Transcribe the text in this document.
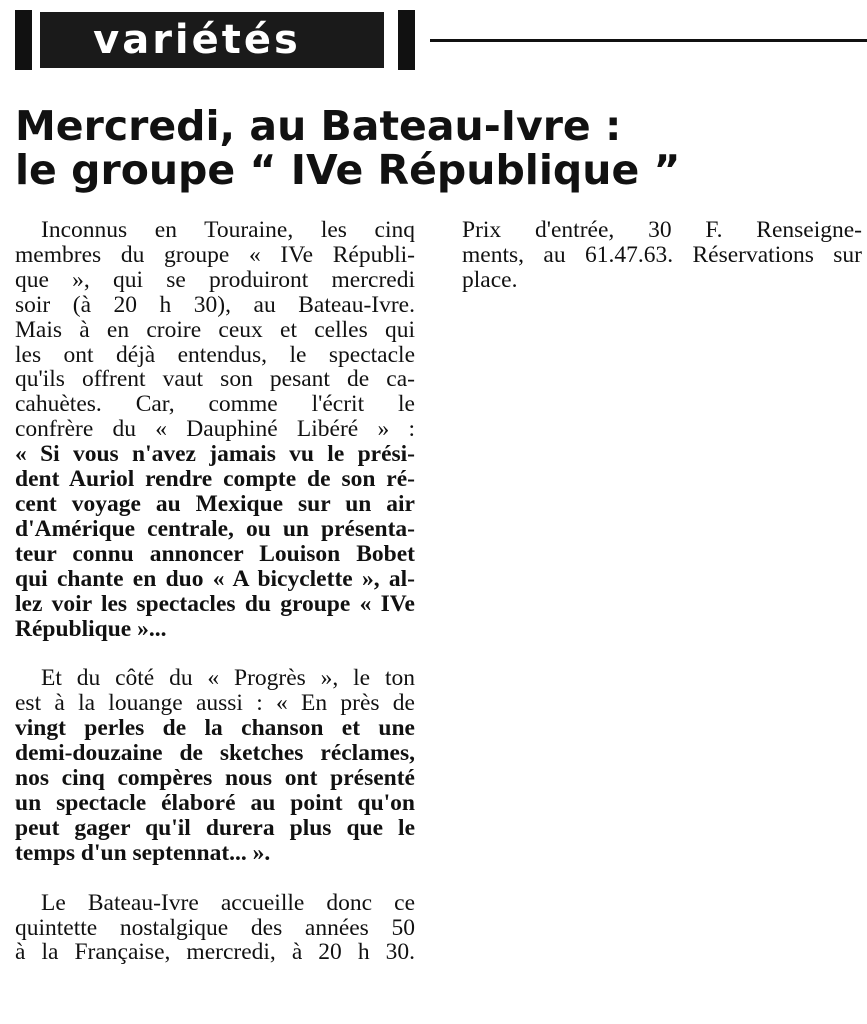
variétés
Mercredi, au Bateau-Ivre :
le groupe “ IVe République ”
Inconnus en Touraine, les cinq
membres du groupe « IVe Républi-
que », qui se produiront mercredi
soir (à 20 h 30), au Bateau-Ivre.
Mais à en croire ceux et celles qui
les ont déjà entendus, le spectacle
qu'ils offrent vaut son pesant de ca-
cahuètes. Car, comme l'écrit le
confrère du « Dauphiné Libéré » :
« Si vous n'avez jamais vu le prési-
dent Auriol rendre compte de son ré-
cent voyage au Mexique sur un air
d'Amérique centrale, ou un présenta-
teur connu annoncer Louison Bobet
qui chante en duo « A bicyclette », al-
lez voir les spectacles du groupe « IVe
République »...
Et du côté du « Progrès », le ton
est à la louange aussi : « En près de
vingt perles de la chanson et une
demi-douzaine de sketches réclames,
nos cinq compères nous ont présenté
un spectacle élaboré au point qu'on
peut gager qu'il durera plus que le
temps d'un septennat... ».
Le Bateau-Ivre accueille donc ce
quintette nostalgique des années 50
à la Française, mercredi, à 20 h 30.
Prix d'entrée, 30 F. Renseigne-
ments, au 61.47.63. Réservations sur
place.
